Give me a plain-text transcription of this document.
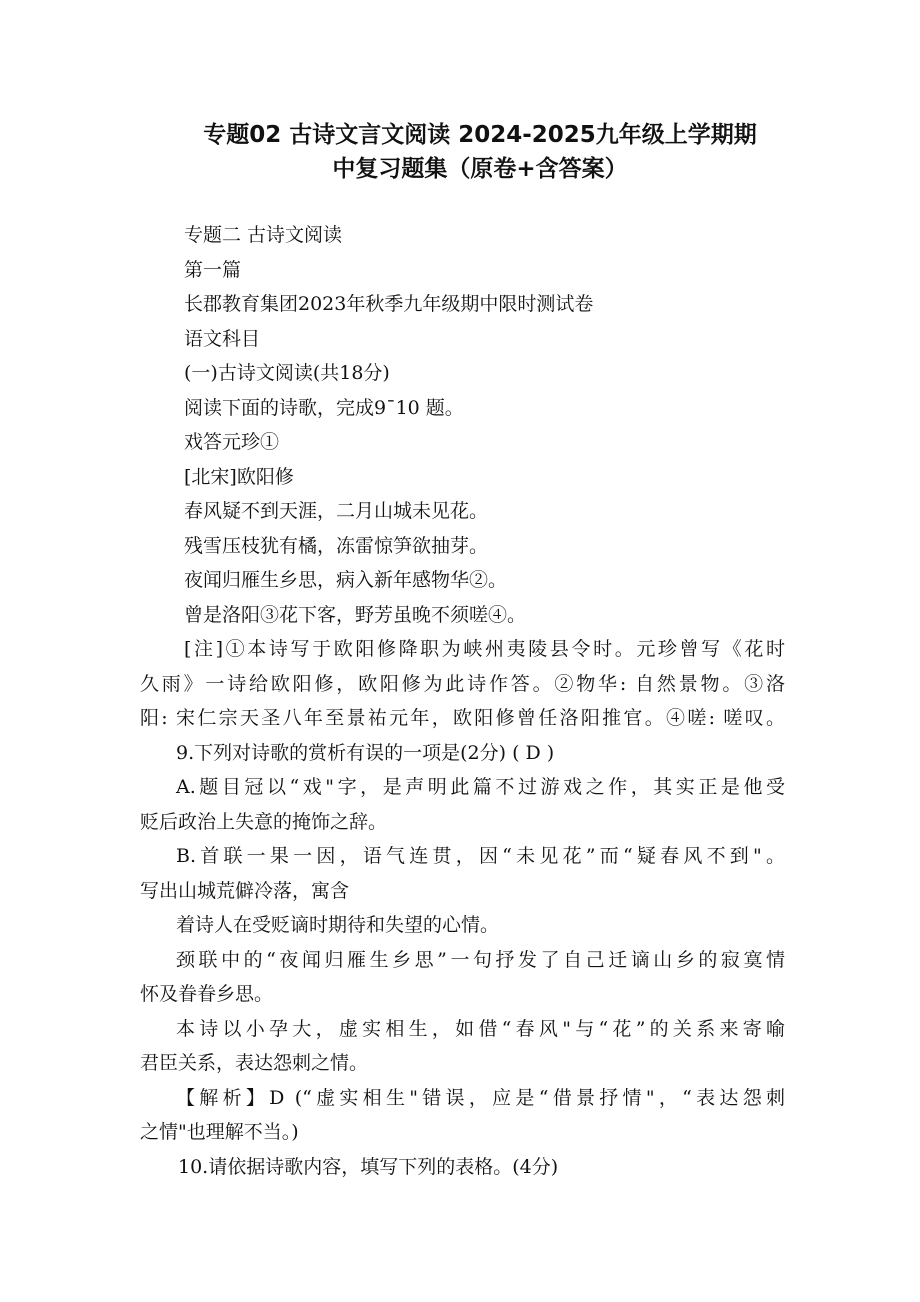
专题02 古诗文言文阅读 2024-2025九年级上学期期
中复习题集（原卷+含答案）
专题二 古诗文阅读
第一篇
长郡教育集团2023年秋季九年级期中限时测试卷
语文科目
(一)古诗文阅读(共18分)
阅读下面的诗歌，完成9¯10 题。
戏答元珍①
[北宋]欧阳修
春风疑不到天涯，二月山城未见花。
残雪压枝犹有橘，冻雷惊笋欲抽芽。
夜闻归雁生乡思，病入新年感物华②。
曾是洛阳③花下客，野芳虽晚不须嗟④。
[注]①本诗写于欧阳修降职为峡州夷陵县令时。元珍曾写《花时
久雨》一诗给欧阳修，欧阳修为此诗作答。②物华: 自然景物。③洛
阳: 宋仁宗天圣八年至景祐元年，欧阳修曾任洛阳推官。④嗟: 嗟叹。
9.下列对诗歌的赏析有误的一项是(2分) ( D )
A.题目冠以“戏"字，是声明此篇不过游戏之作，其实正是他受
贬后政治上失意的掩饰之辞。
B.首联一果一因，语气连贯，因“未见花”而“疑春风不到"。
写出山城荒僻冷落，寓含
着诗人在受贬谪时期待和失望的心情。
颈联中的“夜闻归雁生乡思”一句抒发了自己迁谪山乡的寂寞情
怀及眷眷乡思。
本诗以小孕大，虚实相生，如借“春风"与“花”的关系来寄喻
君臣关系，表达怨刺之情。
【解析】D (“虚实相生"错误，应是“借景抒情"，“表达怨刺
之情"也理解不当。)
10.请依据诗歌内容，填写下列的表格。(4分)
